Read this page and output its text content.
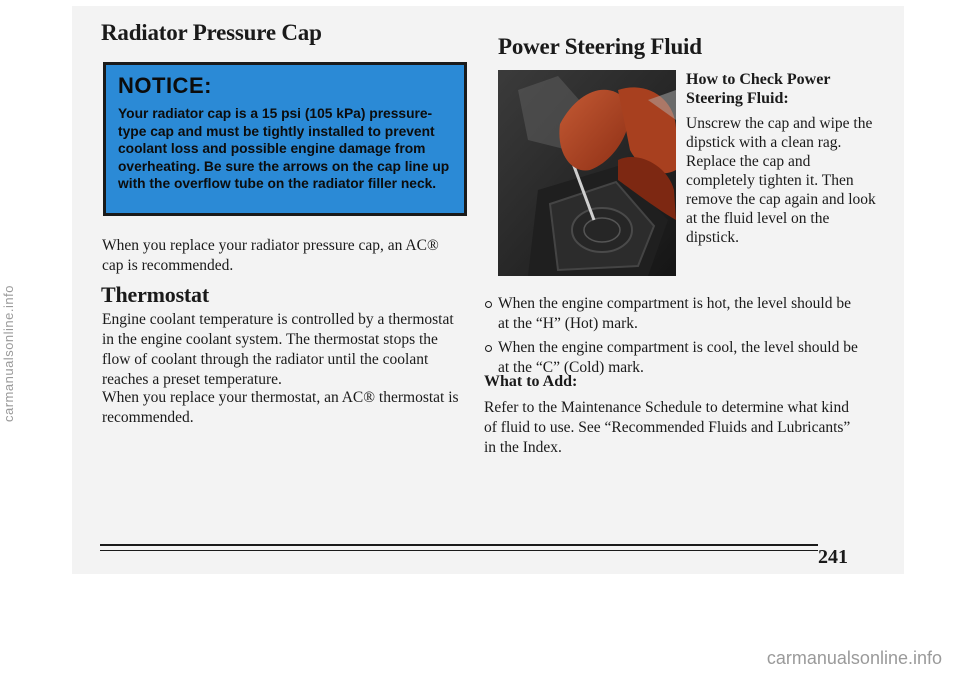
carmanualsonline.info
Radiator Pressure Cap
NOTICE:
Your radiator cap is a 15 psi (105 kPa) pressure-type cap and must be tightly installed to prevent coolant loss and possible engine damage from overheating. Be sure the arrows on the cap line up with the overflow tube on the radiator filler neck.

When you replace your radiator pressure cap, an AC® cap is recommended.

Thermostat

Engine coolant temperature is controlled by a thermostat in the engine coolant system. The thermostat stops the flow of coolant through the radiator until the coolant reaches a preset temperature.

When you replace your thermostat, an AC® thermostat is recommended.

Power Steering Fluid
How to Check Power Steering Fluid:

Unscrew the cap and wipe the dipstick with a clean rag. Replace the cap and completely tighten it. Then remove the cap again and look at the fluid level on the dipstick.

When the engine compartment is hot, the level should be at the “H” (Hot) mark.
When the engine compartment is cool, the level should be at the “C” (Cold) mark.
What to Add:

Refer to the Maintenance Schedule to determine what kind of fluid to use. See “Recommended Fluids and Lubricants” in the Index.

241
carmanualsonline.info
